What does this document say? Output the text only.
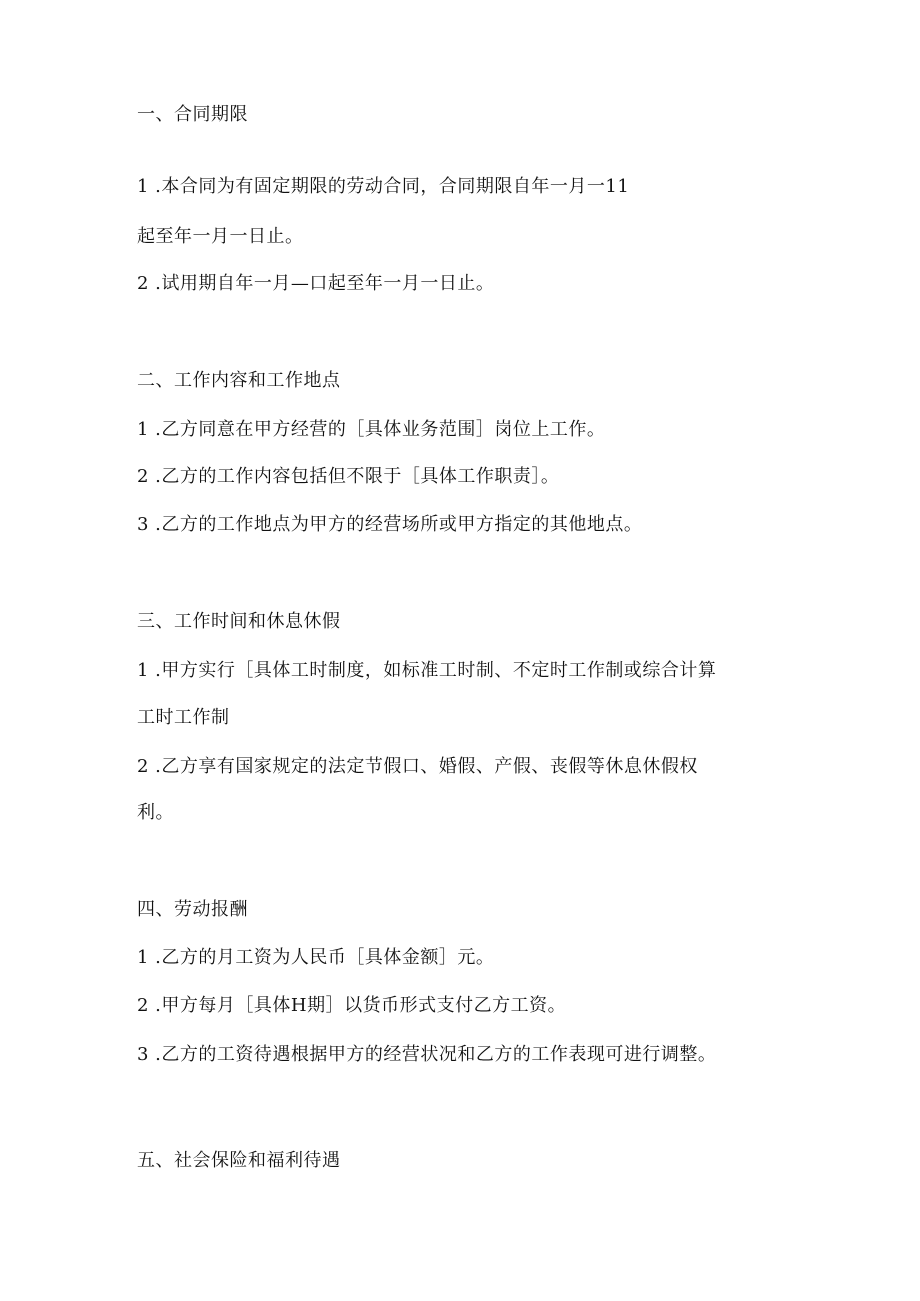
一、合同期限
1 .本合同为有固定期限的劳动合同，合同期限自年一月一11
起至年一月一日止。
2 .试用期自年一月—口起至年一月一日止。
二、工作内容和工作地点
1 .乙方同意在甲方经营的［具体业务范围］岗位上工作。
2 .乙方的工作内容包括但不限于［具体工作职责］。
3 .乙方的工作地点为甲方的经营场所或甲方指定的其他地点。
三、工作时间和休息休假
1 .甲方实行［具体工时制度，如标准工时制、不定时工作制或综合计算
工时工作制
2 .乙方享有国家规定的法定节假口、婚假、产假、丧假等休息休假权
利。
四、劳动报酬
1 .乙方的月工资为人民币［具体金额］元。
2 .甲方每月［具体H期］以货币形式支付乙方工资。
3 .乙方的工资待遇根据甲方的经营状况和乙方的工作表现可进行调整。
五、社会保险和福利待遇
